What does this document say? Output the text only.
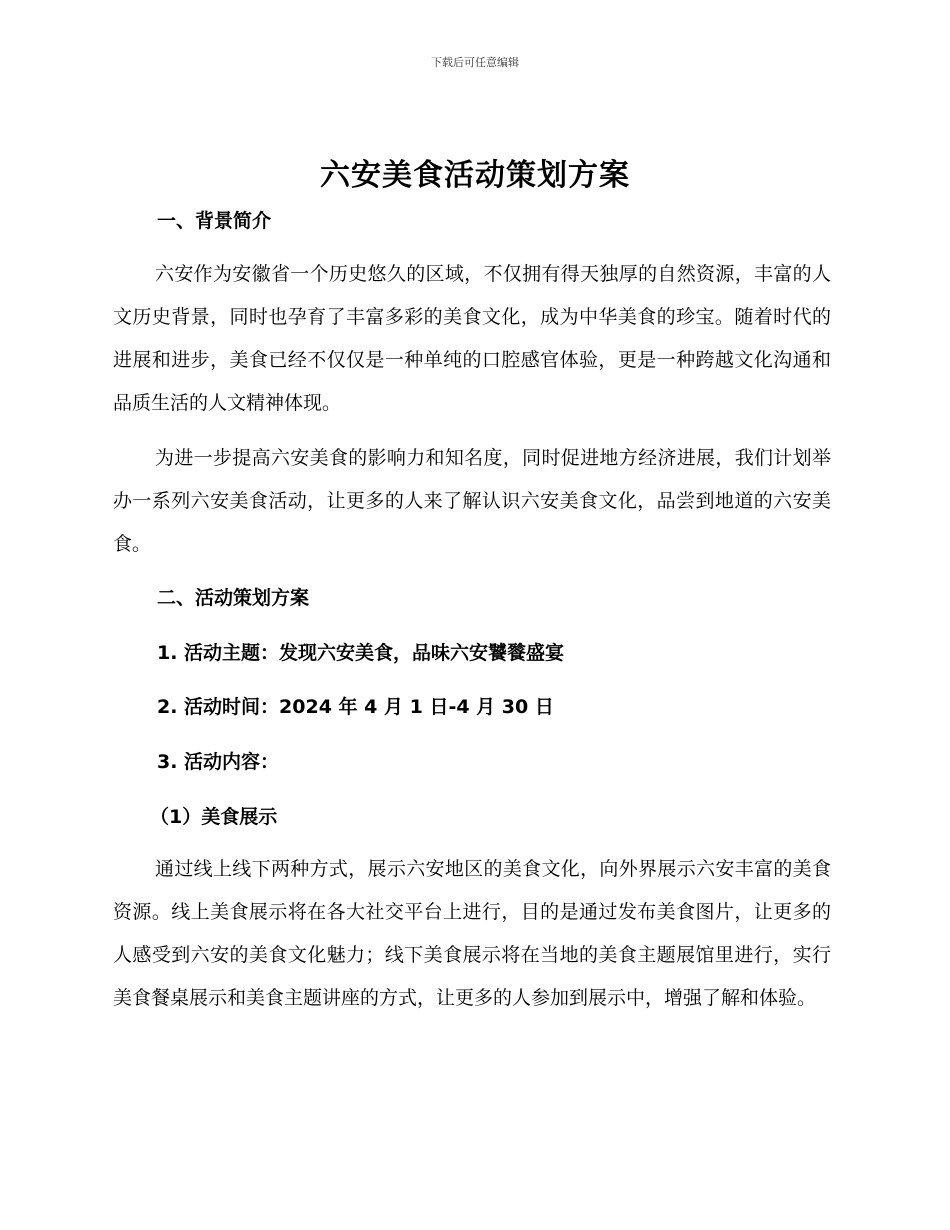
下载后可任意编辑
六安美食活动策划方案
一、背景简介
六安作为安徽省一个历史悠久的区域，不仅拥有得天独厚的自然资源，丰富的人文历史背景，同时也孕育了丰富多彩的美食文化，成为中华美食的珍宝。随着时代的进展和进步，美食已经不仅仅是一种单纯的口腔感官体验，更是一种跨越文化沟通和品质生活的人文精神体现。
为进一步提高六安美食的影响力和知名度，同时促进地方经济进展，我们计划举办一系列六安美食活动，让更多的人来了解认识六安美食文化，品尝到地道的六安美食。
二、活动策划方案
1. 活动主题：发现六安美食，品味六安饕餮盛宴
2. 活动时间：2024 年 4 月 1 日-4 月 30 日
3. 活动内容：
（1）美食展示
通过线上线下两种方式，展示六安地区的美食文化，向外界展示六安丰富的美食资源。线上美食展示将在各大社交平台上进行，目的是通过发布美食图片，让更多的人感受到六安的美食文化魅力；线下美食展示将在当地的美食主题展馆里进行，实行美食餐桌展示和美食主题讲座的方式，让更多的人参加到展示中，增强了解和体验。
